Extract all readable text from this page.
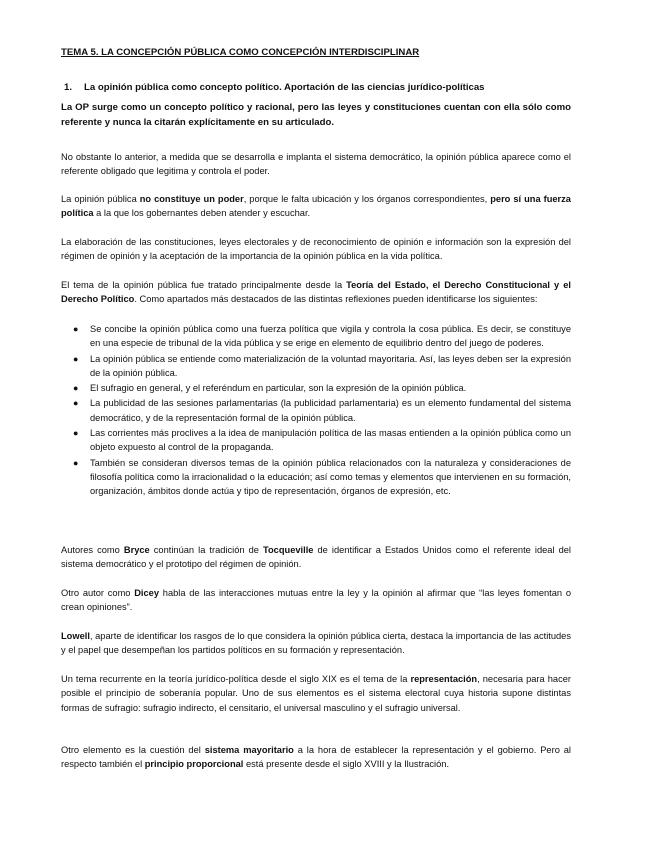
TEMA 5. LA CONCEPCIÓN PÚBLICA COMO CONCEPCIÓN INTERDISCIPLINAR

1. La opinión pública como concepto político. Aportación de las ciencias jurídico-políticas

La OP surge como un concepto político y racional, pero las leyes y constituciones cuentan con ella sólo como referente y nunca la citarán explícitamente en su articulado.

No obstante lo anterior, a medida que se desarrolla e implanta el sistema democrático, la opinión pública aparece como el referente obligado que legitima y controla el poder.

La opinión pública no constituye un poder, porque le falta ubicación y los órganos correspondientes, pero sí una fuerza política a la que los gobernantes deben atender y escuchar.

La elaboración de las constituciones, leyes electorales y de reconocimiento de opinión e información son la expresión del régimen de opinión y la aceptación de la importancia de la opinión pública en la vida política.

El tema de la opinión pública fue tratado principalmente desde la Teoría del Estado, el Derecho Constitucional y el Derecho Político. Como apartados más destacados de las distintas reflexiones pueden identificarse los siguientes:

● Se concibe la opinión pública como una fuerza política que vigila y controla la cosa pública. Es decir, se constituye en una especie de tribunal de la vida pública y se erige en elemento de equilibrio dentro del juego de poderes.
● La opinión pública se entiende como materialización de la voluntad mayoritaria. Así, las leyes deben ser la expresión de la opinión pública.
● El sufragio en general, y el referéndum en particular, son la expresión de la opinión pública.
● La publicidad de las sesiones parlamentarias (la publicidad parlamentaria) es un elemento fundamental del sistema democrático, y de la representación formal de la opinión pública.
● Las corrientes más proclives a la idea de manipulación política de las masas entienden a la opinión pública como un objeto expuesto al control de la propaganda.
● También se consideran diversos temas de la opinión pública relacionados con la naturaleza y consideraciones de filosofía política como la irracionalidad o la educación; así como temas y elementos que intervienen en su formación, organización, ámbitos donde actúa y tipo de representación, órganos de expresión, etc.

Autores como Bryce continúan la tradición de Tocqueville de identificar a Estados Unidos como el referente ideal del sistema democrático y el prototipo del régimen de opinión.

Otro autor como Dicey habla de las interacciones mutuas entre la ley y la opinión al afirmar que “las leyes fomentan o crean opiniones”.

Lowell, aparte de identificar los rasgos de lo que considera la opinión pública cierta, destaca la importancia de las actitudes y el papel que desempeñan los partidos políticos en su formación y representación.

Un tema recurrente en la teoría jurídico-política desde el siglo XIX es el tema de la representación, necesaria para hacer posible el principio de soberanía popular. Uno de sus elementos es el sistema electoral cuya historia supone distintas formas de sufragio: sufragio indirecto, el censitario, el universal masculino y el sufragio universal.

Otro elemento es la cuestión del sistema mayoritario a la hora de establecer la representación y el gobierno. Pero al respecto también el principio proporcional está presente desde el siglo XVIII y la Ilustración.
